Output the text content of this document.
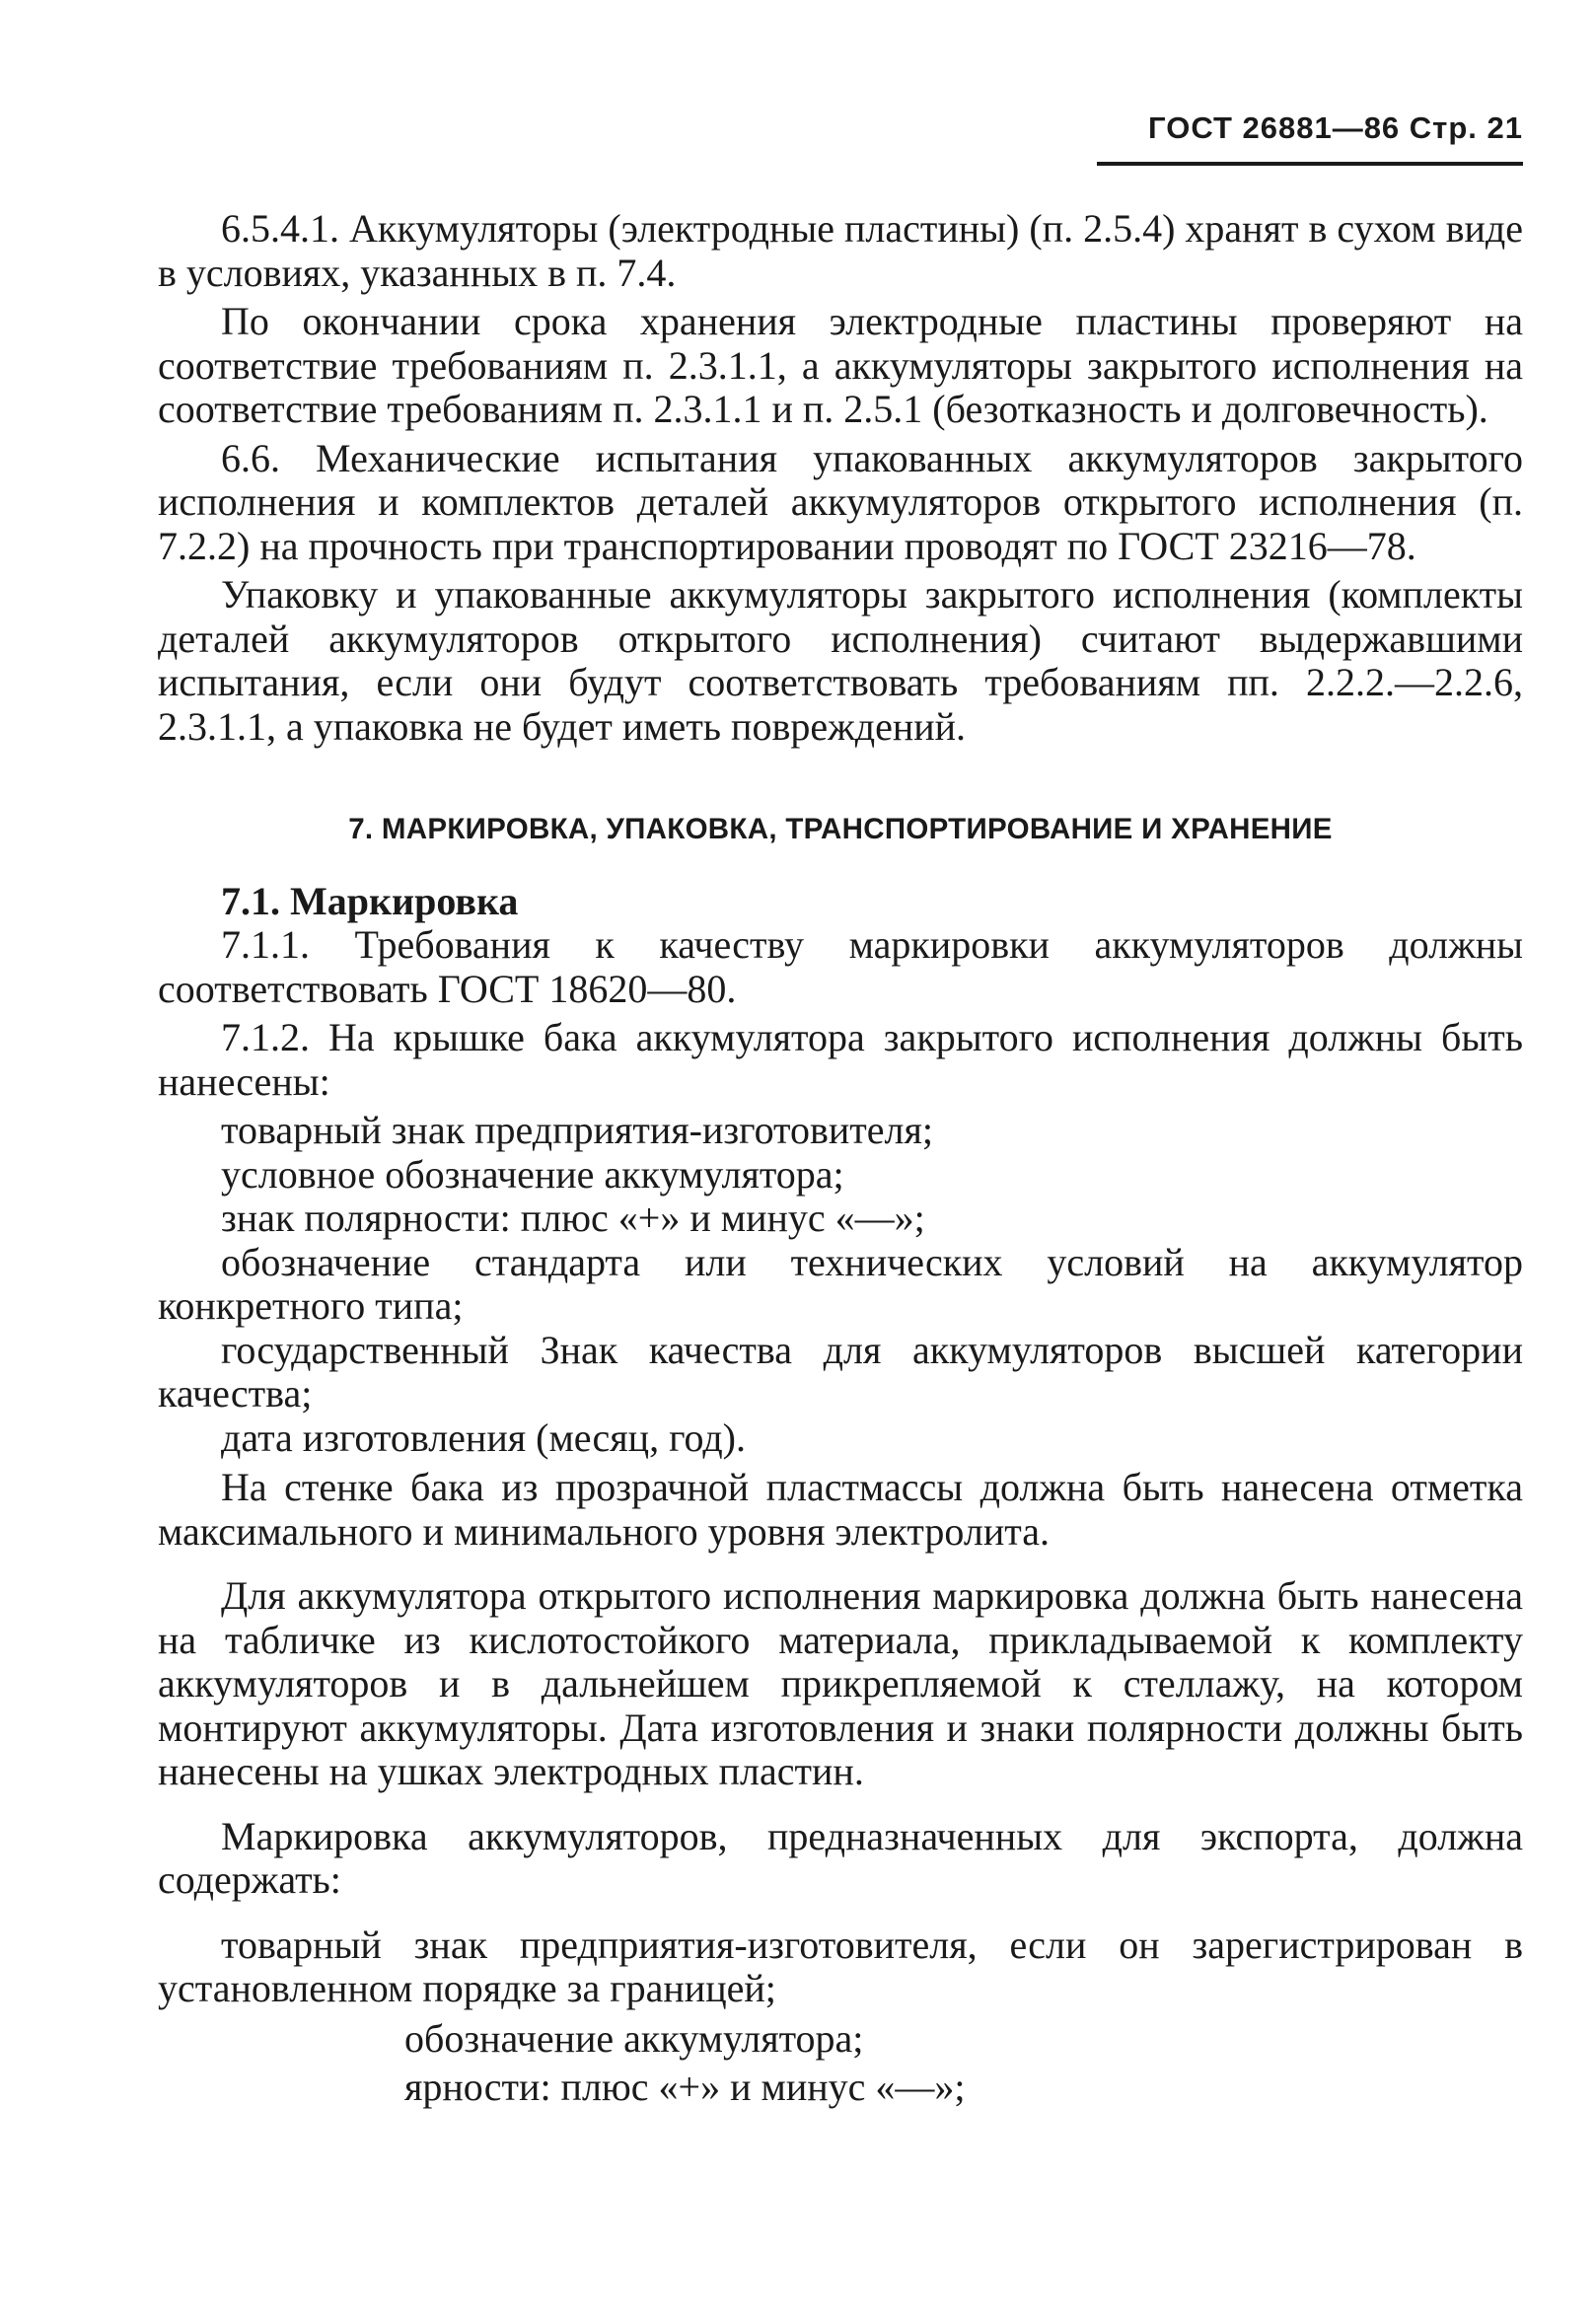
ГОСТ 26881—86 Стр. 21

6.5.4.1. Аккумуляторы (электродные пластины) (п. 2.5.4) хранят в сухом виде в условиях, указанных в п. 7.4.

По окончании срока хранения электродные пластины проверяют на соответствие требованиям п. 2.3.1.1, а аккумуляторы закрытого исполнения на соответствие требованиям п. 2.3.1.1 и п. 2.5.1 (безотказность и долговечность).

6.6. Механические испытания упакованных аккумуляторов закрытого исполнения и комплектов деталей аккумуляторов открытого исполнения (п. 7.2.2) на прочность при транспортировании проводят по ГОСТ 23216—78.

Упаковку и упакованные аккумуляторы закрытого исполнения (комплекты деталей аккумуляторов открытого исполнения) считают выдержавшими испытания, если они будут соответствовать требованиям пп. 2.2.2.—2.2.6, 2.3.1.1, а упаковка не будет иметь повреждений.

7. МАРКИРОВКА, УПАКОВКА, ТРАНСПОРТИРОВАНИЕ И ХРАНЕНИЕ
7.1. Маркировка

7.1.1. Требования к качеству маркировки аккумуляторов должны соответствовать ГОСТ 18620—80.

7.1.2. На крышке бака аккумулятора закрытого исполнения должны быть нанесены:

товарный знак предприятия-изготовителя;
условное обозначение аккумулятора;
знак полярности: плюс «+» и минус «—»;
обозначение стандарта или технических условий на аккумулятор конкретного типа;
государственный Знак качества для аккумуляторов высшей категории качества;
дата изготовления (месяц, год).

На стенке бака из прозрачной пластмассы должна быть нанесена отметка максимального и минимального уровня электролита.

Для аккумулятора открытого исполнения маркировка должна быть нанесена на табличке из кислотостойкого материала, прикладываемой к комплекту аккумуляторов и в дальнейшем прикрепляемой к стеллажу, на котором монтируют аккумуляторы. Дата изготовления и знаки полярности должны быть нанесены на ушках электродных пластин.

Маркировка аккумуляторов, предназначенных для экспорта, должна содержать:

товарный знак предприятия-изготовителя, если он зарегистрирован в установленном порядке за границей;
обозначение аккумулятора;
ярности: плюс «+» и минус «—»;
